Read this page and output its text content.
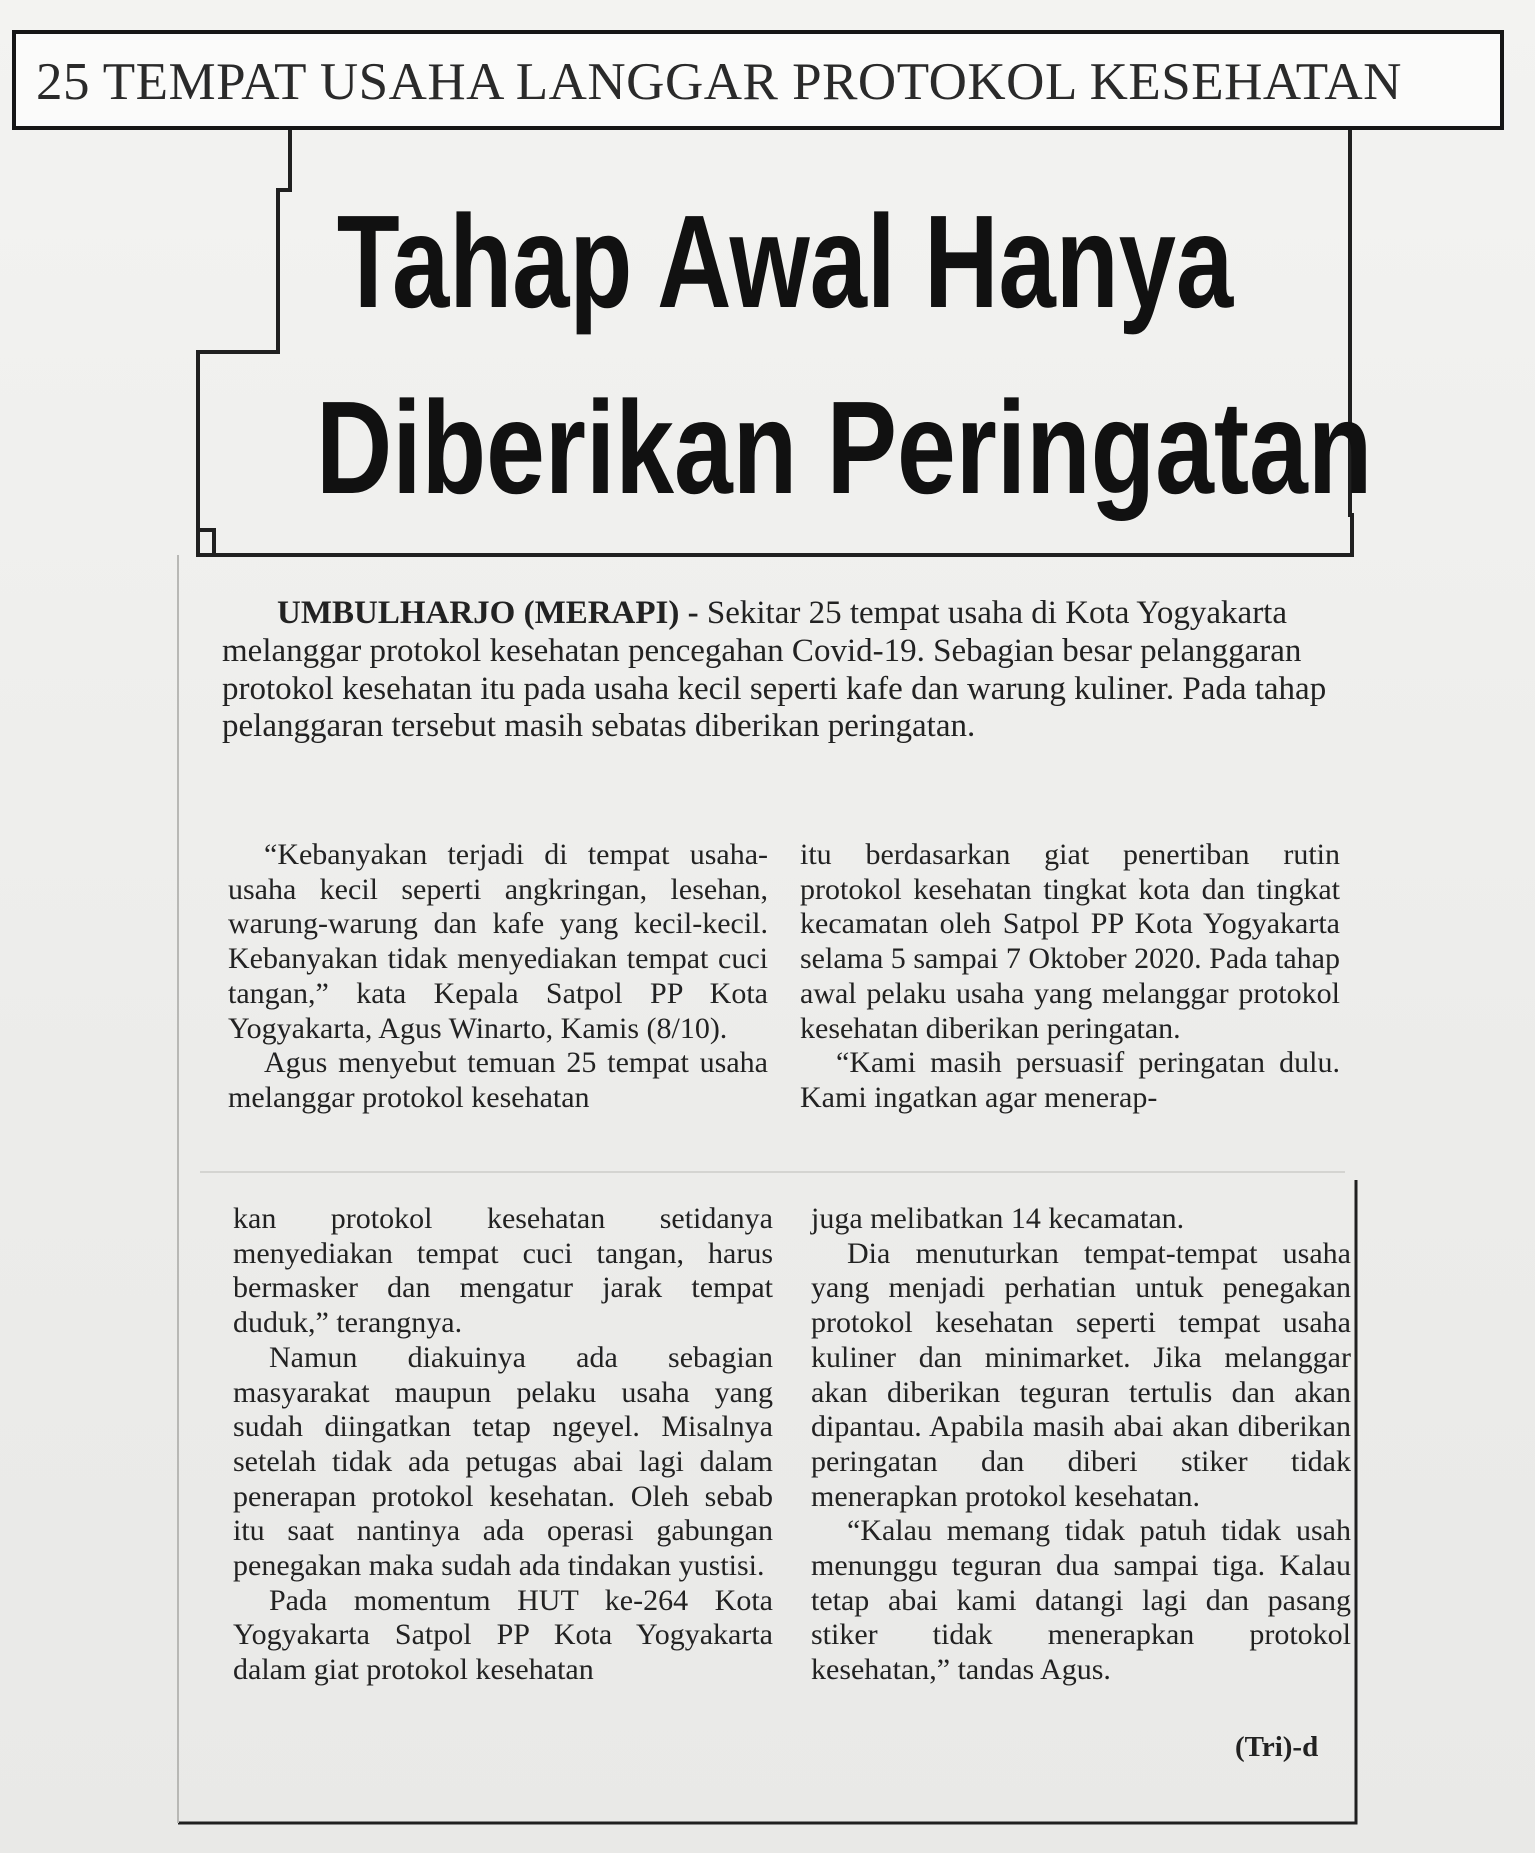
25 TEMPAT USAHA LANGGAR PROTOKOL KESEHATAN
Tahap Awal Hanya
Diberikan Peringatan

UMBULHARJO (MERAPI) - Sekitar 25 tempat usaha di Kota Yogyakarta melanggar protokol kesehatan pencegahan Covid-19. Sebagian besar pelanggaran protokol kesehatan itu pada usaha kecil seperti kafe dan warung kuliner. Pada tahap pelanggaran tersebut masih sebatas diberikan peringatan.

“Kebanyakan terjadi di tempat usaha-usaha kecil seperti angkringan, lesehan, warung-warung dan kafe yang kecil-kecil. Kebanyakan tidak menyediakan tempat cuci tangan,” kata Kepala Satpol PP Kota Yogyakarta, Agus Winarto, Kamis (8/10).

Agus menyebut temuan 25 tempat usaha melanggar protokol kesehatan

itu berdasarkan giat penertiban rutin protokol kesehatan tingkat kota dan tingkat kecamatan oleh Satpol PP Kota Yogyakarta selama 5 sampai 7 Oktober 2020. Pada tahap awal pelaku usaha yang melanggar protokol kesehatan diberikan peringatan.

“Kami masih persuasif peringatan dulu. Kami ingatkan agar menerap-

kan protokol kesehatan setidanya menyediakan tempat cuci tangan, harus bermasker dan mengatur jarak tempat duduk,” terangnya.

Namun diakuinya ada sebagian masyarakat maupun pelaku usaha yang sudah diingatkan tetap ngeyel. Misalnya setelah tidak ada petugas abai lagi dalam penerapan protokol kesehatan. Oleh sebab itu saat nantinya ada operasi gabungan penegakan maka sudah ada tindakan yustisi.

Pada momentum HUT ke-264 Kota Yogyakarta Satpol PP Kota Yogyakarta dalam giat protokol kesehatan

juga melibatkan 14 kecamatan.

Dia menuturkan tempat-tempat usaha yang menjadi perhatian untuk penegakan protokol kesehatan seperti tempat usaha kuliner dan minimarket. Jika melanggar akan diberikan teguran tertulis dan akan dipantau. Apabila masih abai akan diberikan peringatan dan diberi stiker tidak menerapkan protokol kesehatan.

“Kalau memang tidak patuh tidak usah menunggu teguran dua sampai tiga. Kalau tetap abai kami datangi lagi dan pasang stiker tidak menerapkan protokol kesehatan,” tandas Agus.

(Tri)-d
